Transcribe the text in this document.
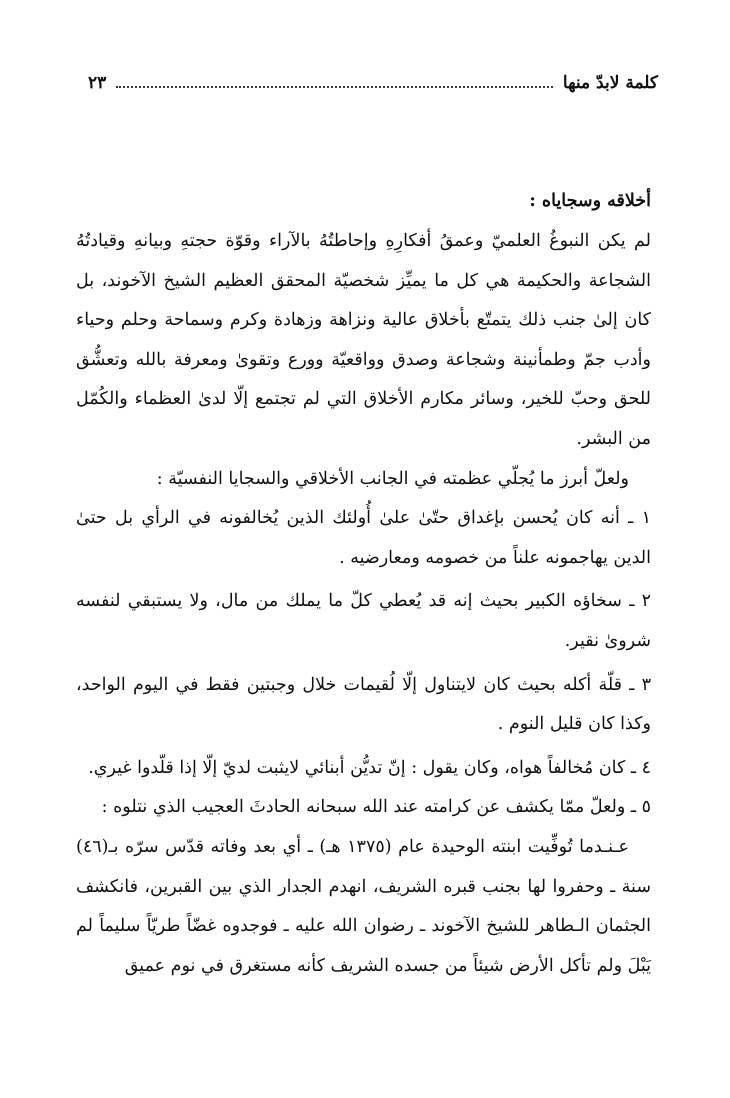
كلمة لابدّ منها
٢٣
أخلاقه وسجاياه :

لم يكن النبوغُ العلميّ وعمقُ أفكارِهِ وإحاطتُهُ بالآراء وقوّة حجتهِ وبيانهِ وقيادتُهُ الشجاعة والحكيمة هي كل ما يميِّز شخصيّة المحقق العظيم الشيخ الآخوند، بل كان إلىٰ جنب ذلك يتمتّع بأخلاق عالية ونزاهة وزهادة وكرم وسماحة وحلم وحياء وأدب جمّ وطمأنينة وشجاعة وصدق وواقعيّة وورع وتقوىٰ ومعرفة بالله وتعشُّق للحق وحبّ للخير، وسائر مكارم الأخلاق التي لم تجتمع إلّا لدىٰ العظماء والكُمّل من البشر.

ولعلّ أبرز ما يُجلّي عظمته في الجانب الأخلاقي والسجايا النفسيّة :

١ ـ أنه كان يُحسن بإغداق حتّىٰ علىٰ أُولئك الذين يُخالفونه في الرأي بل حتىٰ الدين يهاجمونه علناً من خصومه ومعارضيه .

٢ ـ سخاؤه الكبير بحيث إنه قد يُعطي كلّ ما يملك من مال، ولا يستبقي لنفسه شروىٰ نقير.

٣ ـ قلّة أكله بحيث كان لايتناول إلّا لُقيمات خلال وجبتين فقط في اليوم الواحد، وكذا كان قليل النوم .

٤ ـ كان مُخالفاً هواه، وكان يقول : إنّ تديُّن أبنائي لايثبت لديّ إلّا إذا قلّدوا غيري.

٥ ـ ولعلّ ممّا يكشف عن كرامته عند الله سبحانه الحادثَ العجيب الذي نتلوه :

عـنـدما تُوفِّيت ابنته الوحيدة عام (١٣٧٥ هـ) ـ أي بعد وفاته قدّس سرّه بـ(٤٦) سنة ـ وحفروا لها بجنب قبره الشريف، انهدم الجدار الذي بين القبرين، فانكشف الجثمان الـطاهر للشيخ الآخوند ـ رضوان الله عليه ـ فوجدوه غضّاً طريّاً سليماً لم يَبْلَ ولم تأكل الأرض شيئاً من جسده الشريف كأنه مستغرق في نوم عميق
